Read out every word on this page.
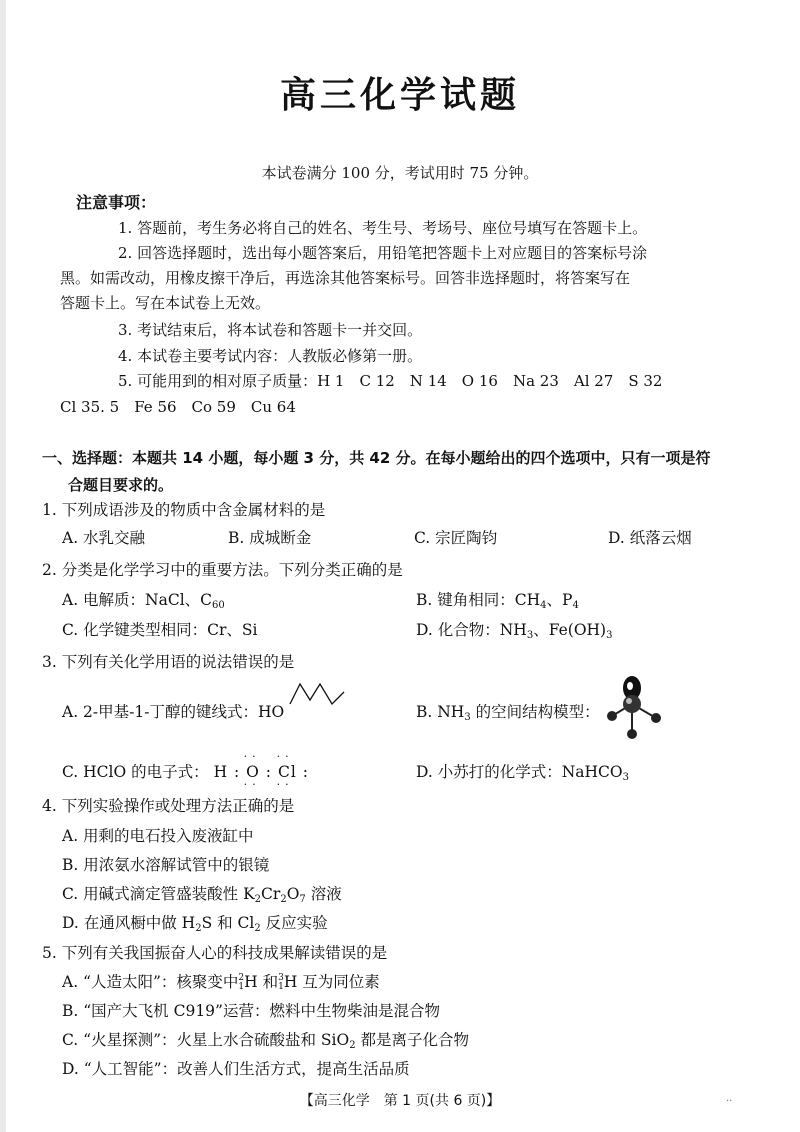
高三化学试题
本试卷满分 100 分，考试用时 75 分钟。
注意事项：
1. 答题前，考生务必将自己的姓名、考生号、考场号、座位号填写在答题卡上。
2. 回答选择题时，选出每小题答案后，用铅笔把答题卡上对应题目的答案标号涂
黑。如需改动，用橡皮擦干净后，再选涂其他答案标号。回答非选择题时，将答案写在
答题卡上。写在本试卷上无效。
3. 考试结束后，将本试卷和答题卡一并交回。
4. 本试卷主要考试内容：人教版必修第一册。
5. 可能用到的相对原子质量：H 1　C 12　N 14　O 16　Na 23　Al 27　S 32
Cl 35. 5　Fe 56　Co 59　Cu 64
一、选择题：本题共 14 小题，每小题 3 分，共 42 分。在每小题给出的四个选项中，只有一项是符
合题目要求的。
1. 下列成语涉及的物质中含金属材料的是
A. 水乳交融	B. 成城断金	C. 宗匠陶钧	D. 纸落云烟
2. 分类是化学学习中的重要方法。下列分类正确的是
A. 电解质：NaCl、$C_{60}$	B. 键角相同：$CH_4$、$P_4$
C. 化学键类型相同：Cr、Si	D. 化合物：$NH_3$、$Fe(OH)_3$
3. 下列有关化学用语的说法错误的是
A. 2-甲基-1-丁醇的键线式：HO	B. $NH_3$ 的空间结构模型：
C. HClO 的电子式：
··　··
H : O : Cl :
··　··
D. 小苏打的化学式：NaHCO$_3$
4. 下列实验操作或处理方法正确的是
A. 用剩的电石投入废液缸中
B. 用浓氨水溶解试管中的银镜
C. 用碱式滴定管盛装酸性 $K_2Cr_2O_7$ 溶液
D. 在通风橱中做 $H_2S$ 和 $Cl_2$ 反应实验
5. 下列有关我国振奋人心的科技成果解读错误的是
A. “人造太阳”：核聚变中 2
1 H 和 3
1 H 互为同位素
B. “国产大飞机 C919”运营：燃料中生物柴油是混合物
C. “火星探测”：火星上水合硫酸盐和 SiO$_2$ 都是离子化合物
D. “人工智能”：改善人们生活方式，提高生活品质
【高三化学　第 1 页(共 6 页)】	··
